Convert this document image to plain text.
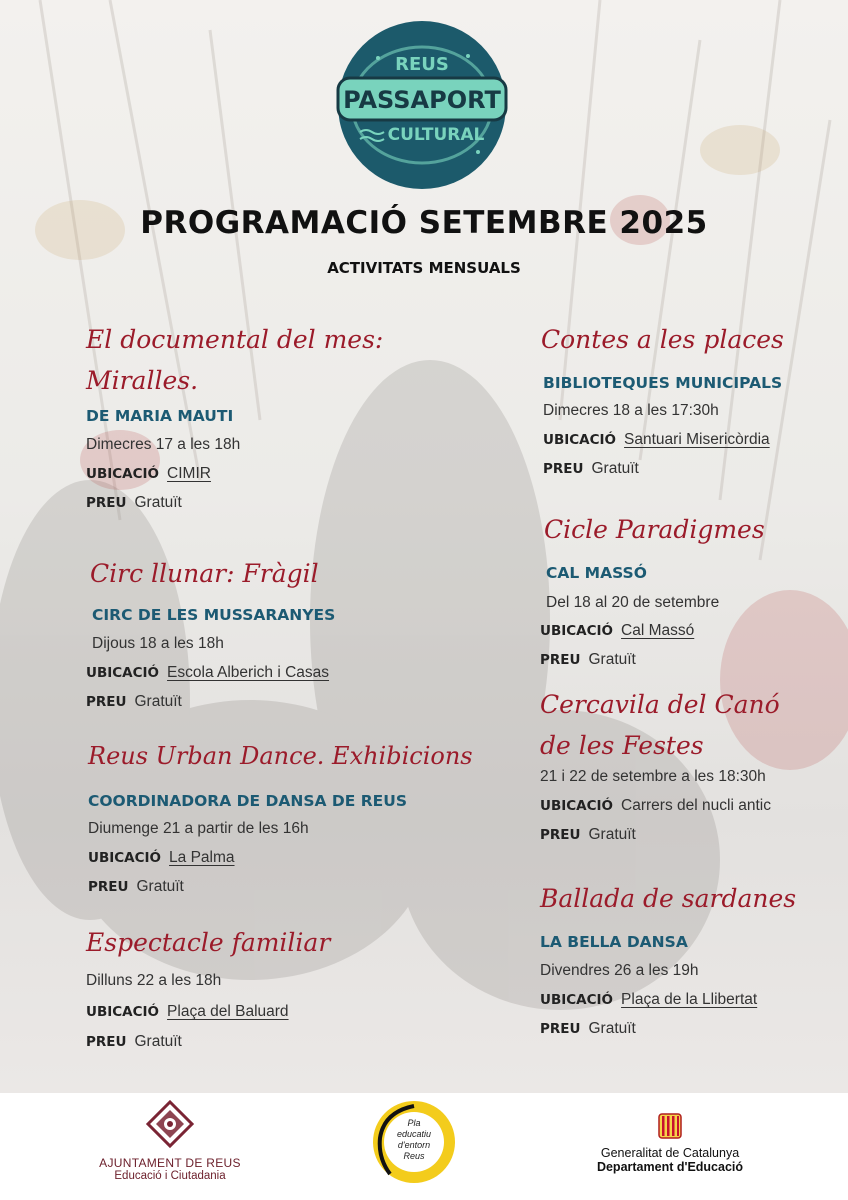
REUS
PASSAPORT
CULTURAL
PROGRAMACIÓ SETEMBRE 2025
ACTIVITATS MENSUALS
El documental del mes:
Miralles.
DE MARIA MAUTI
Dimecres 17 a les 18h
UBICACIÓ CIMIR
PREU Gratuït
Circ llunar: Fràgil
CIRC DE LES MUSSARANYES
Dijous 18 a les 18h
UBICACIÓ Escola Alberich i Casas
PREU Gratuït
Reus Urban Dance. Exhibicions
COORDINADORA DE DANSA DE REUS
Diumenge 21 a partir de les 16h
UBICACIÓ La Palma
PREU Gratuït
Espectacle familiar
Dilluns 22 a les 18h
UBICACIÓ Plaça del Baluard
PREU Gratuït
Contes a les places
BIBLIOTEQUES MUNICIPALS
Dimecres 18 a les 17:30h
UBICACIÓ Santuari Misericòrdia
PREU Gratuït
Cicle Paradigmes
CAL MASSÓ
Del 18 al 20 de setembre
UBICACIÓ Cal Massó
PREU Gratuït
Cercavila del Canó
de les Festes
21 i 22 de setembre a les 18:30h
UBICACIÓ Carrers del nucli antic
PREU Gratuït
Ballada de sardanes
LA BELLA DANSA
Divendres 26 a les 19h
UBICACIÓ Plaça de la Llibertat
PREU Gratuït
AJUNTAMENT DE REUS
Educació i Ciutadania
Pla
educatiu
d'entorn
Reus	Generalitat de Catalunya
Departament d'Educació
